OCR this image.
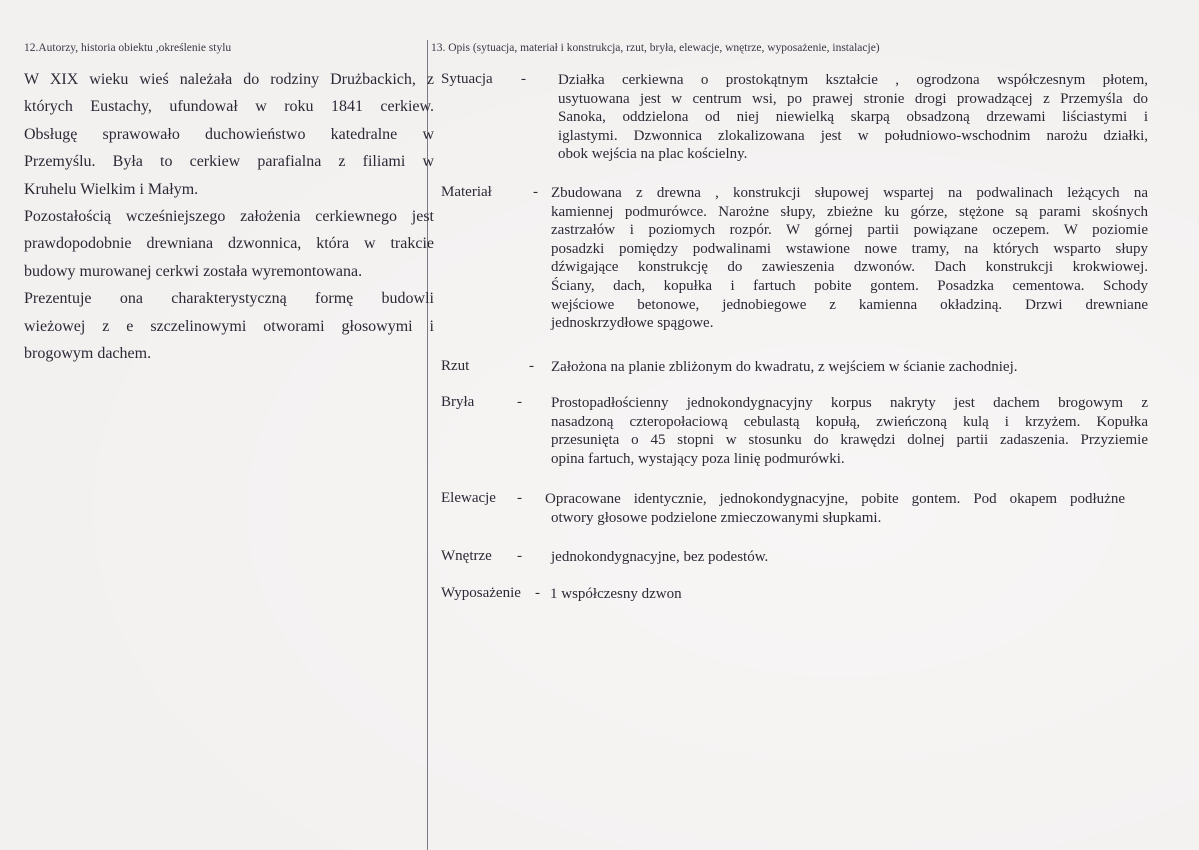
12.Autorzy, historia obiektu ,określenie stylu
W XIX wieku wieś należała do rodziny Drużbackich, z
których Eustachy, ufundował w roku 1841 cerkiew.
Obsługę sprawowało duchowieństwo katedralne w
Przemyślu. Była to cerkiew parafialna z filiami w
Kruhelu Wielkim i Małym.
Pozostałością wcześniejszego założenia cerkiewnego jest
prawdopodobnie drewniana dzwonnica, która w trakcie
budowy murowanej cerkwi została wyremontowana.
Prezentuje ona charakterystyczną formę budowli
wieżowej z e szczelinowymi otworami głosowymi i
brogowym dachem.
13. Opis (sytuacja, materiał i konstrukcja, rzut, bryła, elewacje, wnętrze, wyposażenie, instalacje)
Sytuacja - Działka cerkiewna o prostokątnym kształcie , ogrodzona współczesnym płotem,
usytuowana jest w centrum wsi, po prawej stronie drogi prowadzącej z Przemyśla do
Sanoka, oddzielona od niej niewielką skarpą obsadzoną drzewami liściastymi i
iglastymi. Dzwonnica zlokalizowana jest w południowo-wschodnim narożu działki,
obok wejścia na plac kościelny.
Materiał	- Zbudowana z drewna , konstrukcji słupowej wspartej na podwalinach leżących na
kamiennej podmurówce. Narożne słupy, zbieżne ku górze, stężone są parami skośnych
zastrzałów i poziomych rozpór. W górnej partii powiązane oczepem. W poziomie
posadzki pomiędzy podwalinami wstawione nowe tramy, na których wsparto słupy
dźwigające konstrukcję do zawieszenia dzwonów. Dach konstrukcji krokwiowej.
Ściany, dach, kopułka i fartuch pobite gontem. Posadzka cementowa. Schody
wejściowe betonowe, jednobiegowe z kamienna okładziną. Drzwi drewniane
jednoskrzydłowe spągowe.
Rzut	- Założona na planie zbliżonym do kwadratu, z wejściem w ścianie zachodniej.
Bryła	- Prostopadłościenny jednokondygnacyjny korpus nakryty jest dachem brogowym z
nasadzoną czteropołaciową cebulastą kopułą, zwieńczoną kulą i krzyżem. Kopułka
przesunięta o 45 stopni w stosunku do krawędzi dolnej partii zadaszenia. Przyziemie
opina fartuch, wystający poza linię podmurówki.
Elewacje - Opracowane identycznie, jednokondygnacyjne, pobite gontem. Pod okapem podłużne
otwory głosowe podzielone zmieczowanymi słupkami.
Wnętrze - jednokondygnacyjne, bez podestów.
Wyposażenie - 1 współczesny dzwon
